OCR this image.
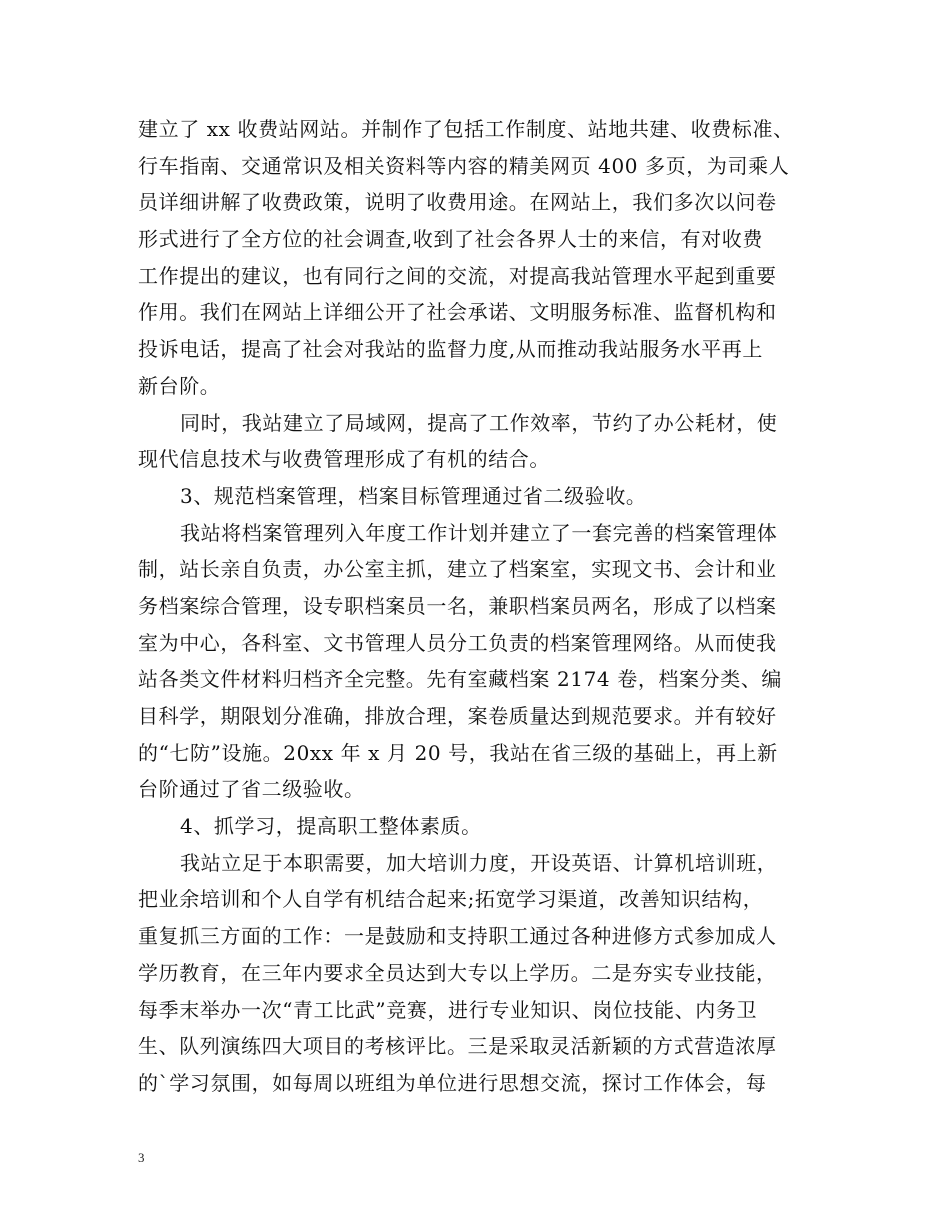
建立了 xx 收费站网站。并制作了包括工作制度、站地共建、收费标准、
行车指南、交通常识及相关资料等内容的精美网页 400 多页，为司乘人
员详细讲解了收费政策，说明了收费用途。在网站上，我们多次以问卷
形式进行了全方位的社会调查,收到了社会各界人士的来信，有对收费
工作提出的建议，也有同行之间的交流，对提高我站管理水平起到重要
作用。我们在网站上详细公开了社会承诺、文明服务标准、监督机构和
投诉电话，提高了社会对我站的监督力度,从而推动我站服务水平再上
新台阶。
同时，我站建立了局域网，提高了工作效率，节约了办公耗材，使
现代信息技术与收费管理形成了有机的结合。
3、规范档案管理，档案目标管理通过省二级验收。
我站将档案管理列入年度工作计划并建立了一套完善的档案管理体
制，站长亲自负责，办公室主抓，建立了档案室，实现文书、会计和业
务档案综合管理，设专职档案员一名，兼职档案员两名，形成了以档案
室为中心，各科室、文书管理人员分工负责的档案管理网络。从而使我
站各类文件材料归档齐全完整。先有室藏档案 2174 卷，档案分类、编
目科学，期限划分准确，排放合理，案卷质量达到规范要求。并有较好
的“七防”设施。20xx 年 x 月 20 号，我站在省三级的基础上，再上新
台阶通过了省二级验收。
4、抓学习，提高职工整体素质。
我站立足于本职需要，加大培训力度，开设英语、计算机培训班，
把业余培训和个人自学有机结合起来;拓宽学习渠道，改善知识结构，
重复抓三方面的工作：一是鼓励和支持职工通过各种进修方式参加成人
学历教育，在三年内要求全员达到大专以上学历。二是夯实专业技能，
每季末举办一次“青工比武”竞赛，进行专业知识、岗位技能、内务卫
生、队列演练四大项目的考核评比。三是采取灵活新颖的方式营造浓厚
的`学习氛围，如每周以班组为单位进行思想交流，探讨工作体会，每
3
